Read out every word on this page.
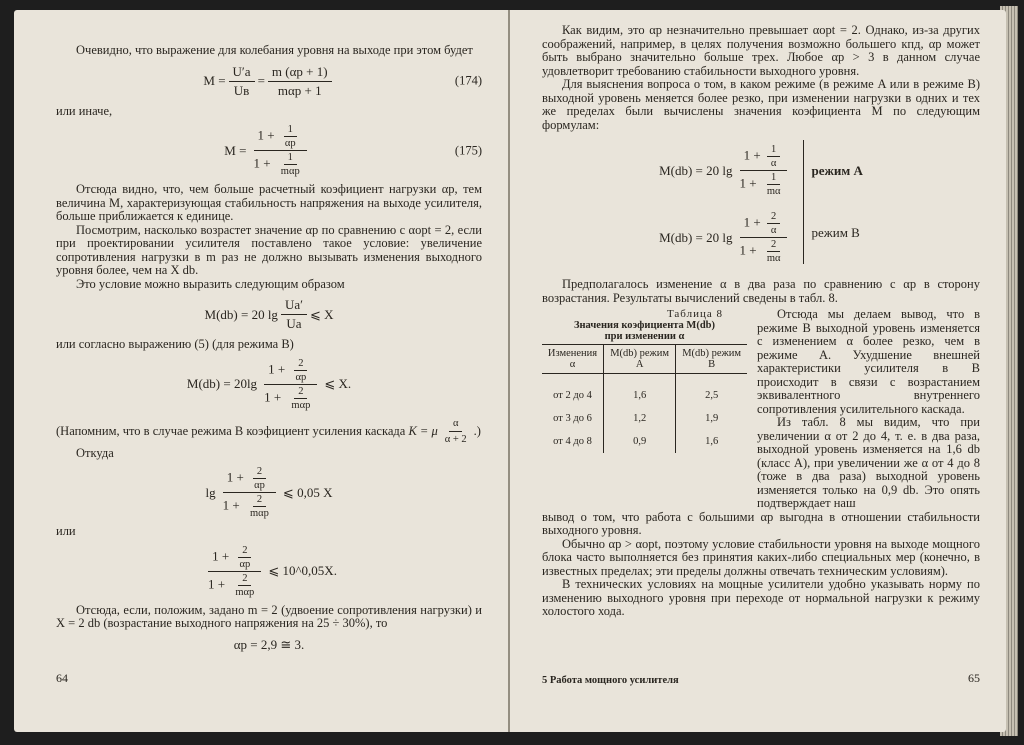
Очевидно, что выражение для колебания уровня на выходе при этом будет

M =
U′a
Uв
=
m (αp + 1)
mαp + 1
(174)

или иначе,

M =
$1 + \frac{1}{\alpha p}$
1 +	1
mαp
(175)

Отсюда видно, что, чем больше расчетный коэфициент нагрузки αp, тем величина M, характеризующая стабильность напряжения на выходе усилителя, больше приближается к единице.

Посмотрим, насколько возрастет значение αp по сравнению с αopt = 2, если при проектировании усилителя поставлено такое условие: увеличение сопротивления нагрузки в m раз не должно вызывать изменения выходного уровня более, чем на X db.

Это условие можно выразить следующим образом

M(db) = 20 $\lg \frac{Ua'}{Ua}$ ⩽ X

или согласно выражению (5) (для режима B)

M(db) = 20lg
$1 + \frac{2}{\alpha p}$
1 +	2
mαp
⩽ X.

(Напомним, что в случае режима B коэфициент усиления каскада K = μ $\frac{\alpha}{\alpha + 2}$ .)

Откуда

lg
$1 + \frac{2}{\alpha p}$
1 +	2
mαp
⩽ 0,05 X

или

$1 + \frac{2}{\alpha p}$
1 +	2
mαp
⩽ 10^0,05X.

Отсюда, если, положим, задано m = 2 (удвоение сопротивления нагрузки) и X = 2 db (возрастание выходного напряжения на 25 ÷ 30%), то

αp = 2,9 ≅ 3.
64

Как видим, это αp незначительно превышает αopt = 2. Однако, из-за других соображений, например, в целях получения возможно большего кпд, αp может быть выбрано значительно больше трех. Любое αp > 3 в данном случае удовлетворит требованию стабильности выходного уровня.

Для выяснения вопроса о том, в каком режиме (в режиме A или в режиме B) выходной уровень меняется более резко, при изменении нагрузки в одних и тех же пределах были вычислены значения коэфициента M по следующим формулам:

M(db) = 20 lg
$1 + \frac{1}{\alpha}$
$1 + \frac{1}{m\alpha}$
M(db) = 20 lg
$1 + \frac{2}{\alpha}$
$1 + \frac{2}{m\alpha}$
режим A
режим B

Предполагалось изменение α в два раза по сравнению с αp в сторону возрастания. Результаты вычислений сведены в табл. 8.

Таблица 8
Значения коэфициента M(db)
при изменении α
Изменения α	M(db) режим A	M(db) режим B
от 2 до 4	1,6	2,5
от 3 до 6	1,2	1,9
от 4 до 8	0,9	1,6

Отсюда мы делаем вывод, что в режиме B выходной уровень изменяется с изменением α более резко, чем в режиме A. Ухудшение внешней характеристики усилителя в B происходит в связи с возрастанием эквивалентного внутреннего сопротивления усилительного каскада.

Из табл. 8 мы видим, что при увеличении α от 2 до 4, т. е. в два раза, выходной уровень изменяется на 1,6 db (класс A), при увеличении же α от 4 до 8 (тоже в два раза) выходной уровень изменяется только на 0,9 db. Это опять подтверждает наш

вывод о том, что работа с большими αp выгодна в отношении стабильности выходного уровня.

Обычно αp > αopt, поэтому условие стабильности уровня на выходе мощного блока часто выполняется без принятия каких-либо специальных мер (конечно, в известных пределах; эти пределы должны отвечать техническим условиям).

В технических условиях на мощные усилители удобно указывать норму по изменению выходного уровня при переходе от нормальной нагрузки к режиму холостого хода.

5 Работа мощного усилителя	65
